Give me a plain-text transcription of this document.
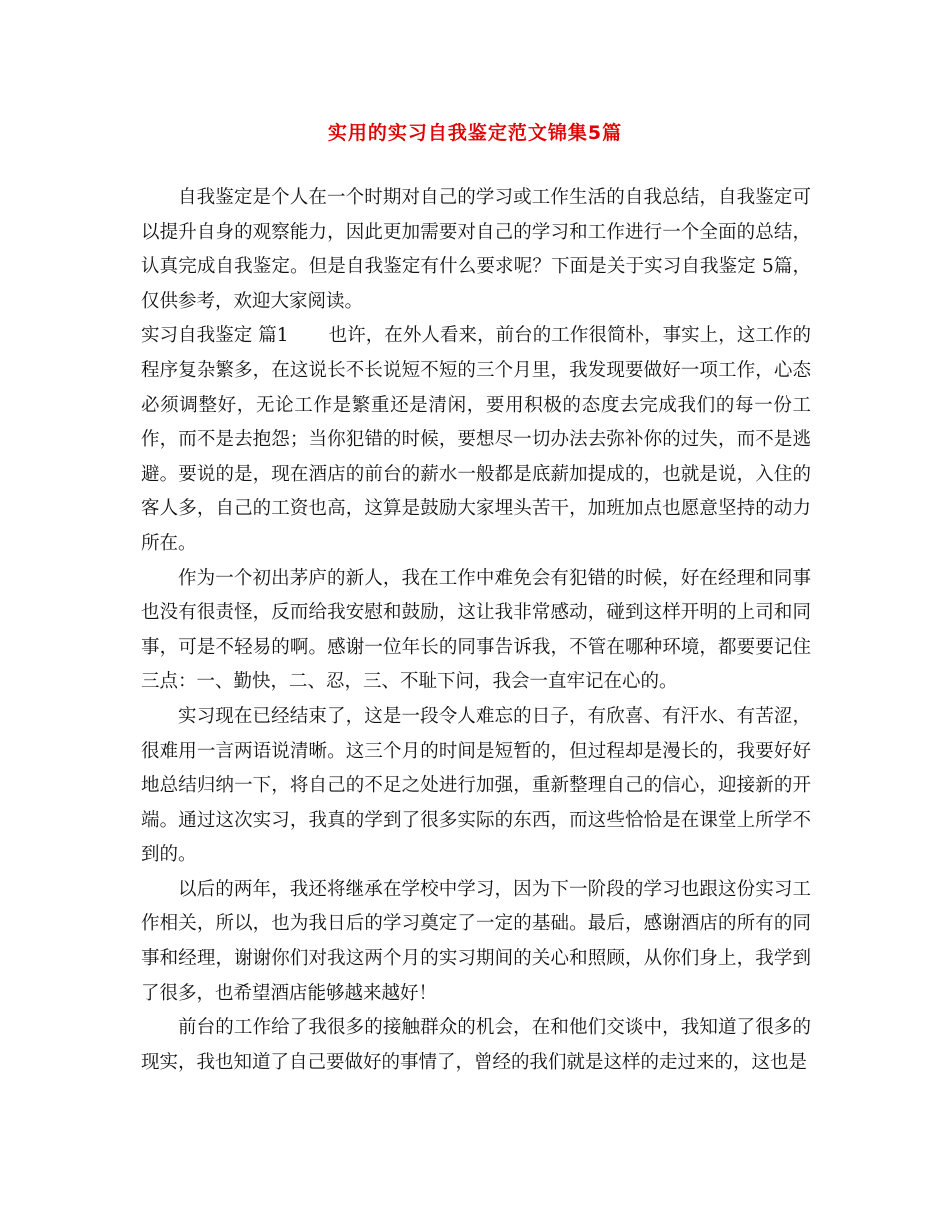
实用的实习自我鉴定范文锦集5篇

自我鉴定是个人在一个时期对自己的学习或工作生活的自我总结，自我鉴定可以提升自身的观察能力，因此更加需要对自己的学习和工作进行一个全面的总结，认真完成自我鉴定。但是自我鉴定有什么要求呢？下面是关于实习自我鉴定 5篇，仅供参考，欢迎大家阅读。

实习自我鉴定 篇1 也许，在外人看来，前台的工作很简朴，事实上，这工作的程序复杂繁多，在这说长不长说短不短的三个月里，我发现要做好一项工作，心态必须调整好，无论工作是繁重还是清闲，要用积极的态度去完成我们的每一份工作，而不是去抱怨；当你犯错的时候，要想尽一切办法去弥补你的过失，而不是逃避。要说的是，现在酒店的前台的薪水一般都是底薪加提成的，也就是说，入住的客人多，自己的工资也高，这算是鼓励大家埋头苦干，加班加点也愿意坚持的动力所在。

作为一个初出茅庐的新人，我在工作中难免会有犯错的时候，好在经理和同事也没有很责怪，反而给我安慰和鼓励，这让我非常感动，碰到这样开明的上司和同事，可是不轻易的啊。感谢一位年长的同事告诉我，不管在哪种环境，都要要记住三点：一、勤快，二、忍，三、不耻下问，我会一直牢记在心的。

实习现在已经结束了，这是一段令人难忘的日子，有欣喜、有汗水、有苦涩，很难用一言两语说清晰。这三个月的时间是短暂的，但过程却是漫长的，我要好好地总结归纳一下，将自己的不足之处进行加强，重新整理自己的信心，迎接新的开端。通过这次实习，我真的学到了很多实际的东西，而这些恰恰是在课堂上所学不到的。

以后的两年，我还将继承在学校中学习，因为下一阶段的学习也跟这份实习工作相关，所以，也为我日后的学习奠定了一定的基础。最后，感谢酒店的所有的同事和经理，谢谢你们对我这两个月的实习期间的关心和照顾，从你们身上，我学到了很多，也希望酒店能够越来越好！

前台的工作给了我很多的接触群众的机会，在和他们交谈中，我知道了很多的现实，我也知道了自己要做好的事情了，曾经的我们就是这样的走过来的，这也是
